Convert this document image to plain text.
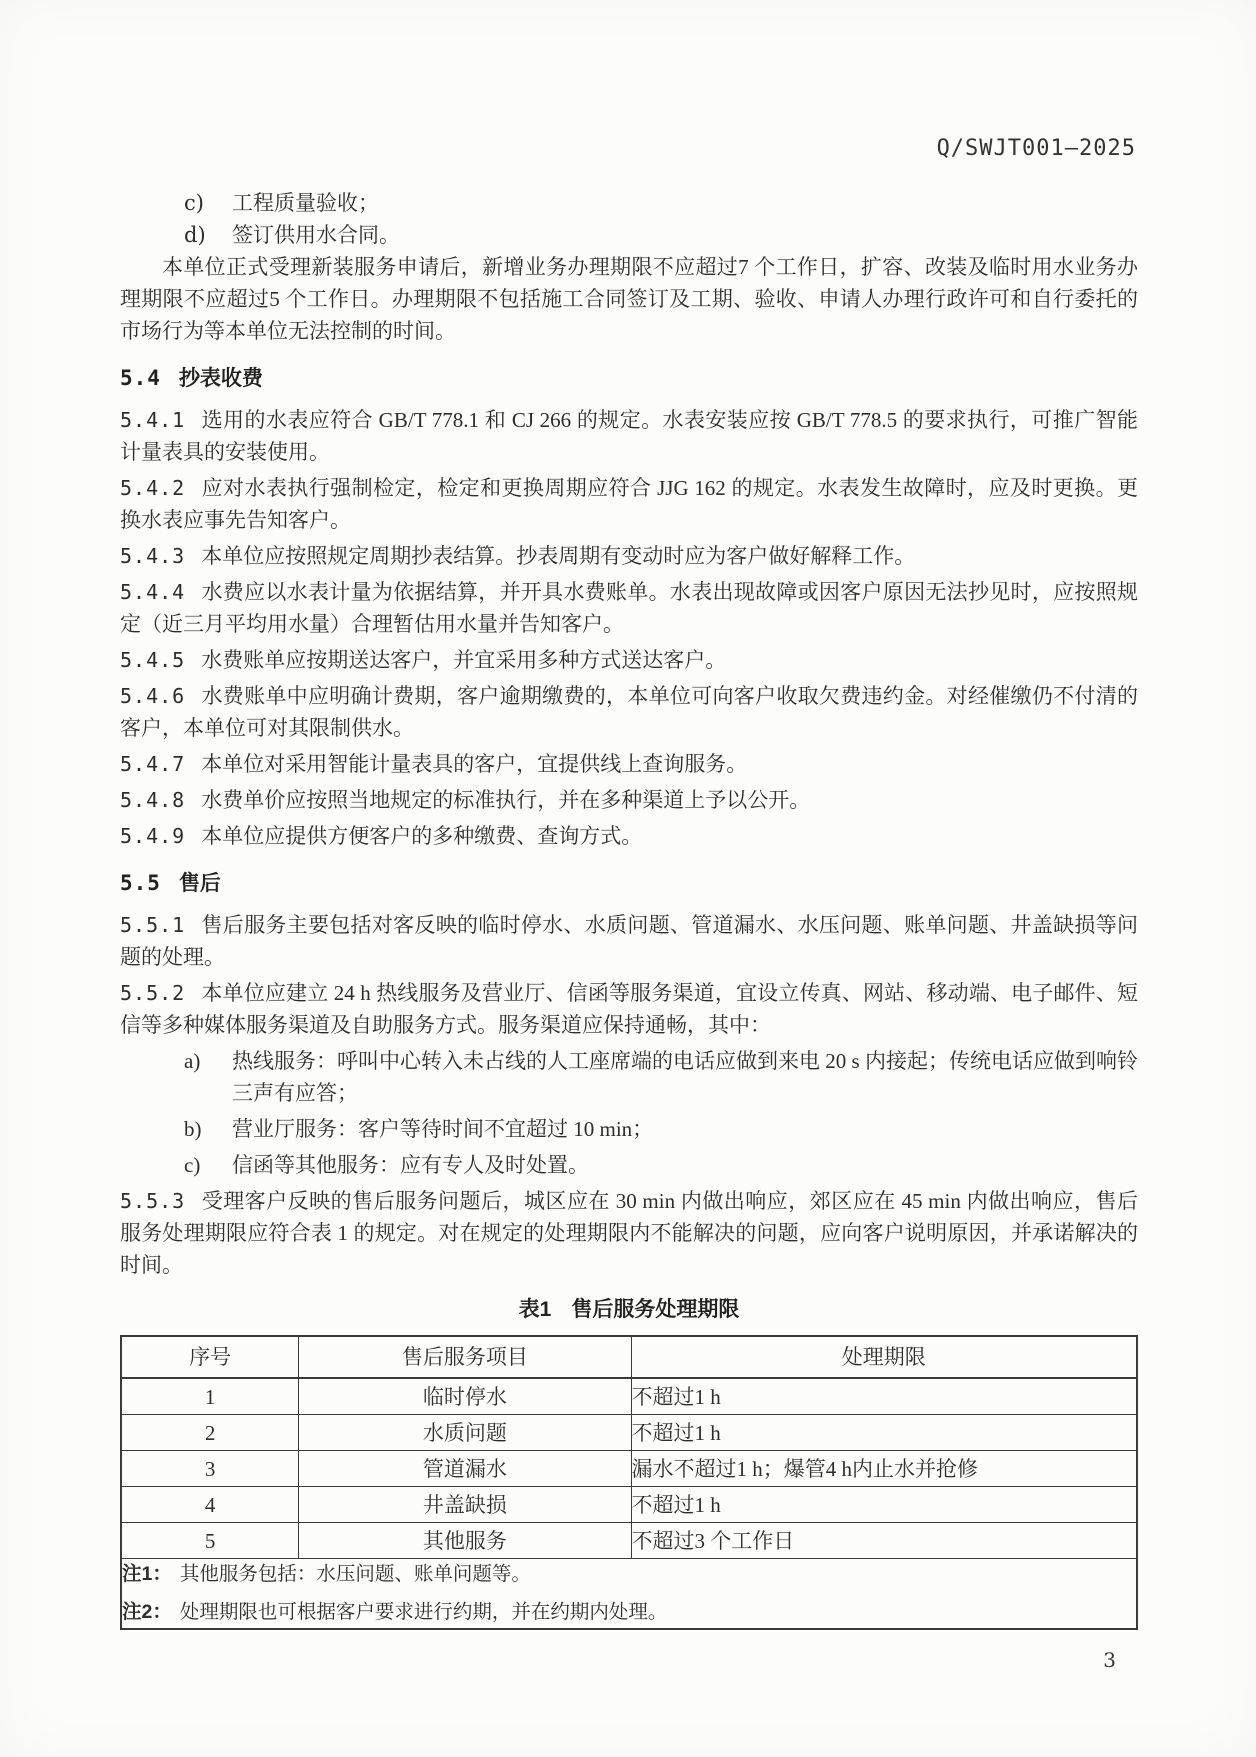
Q/SWJT001—2025
c)	工程质量验收；
d)	签订供用水合同。

本单位正式受理新装服务申请后，新增业务办理期限不应超过7 个工作日，扩容、改装及临时用水业务办理期限不应超过5 个工作日。办理期限不包括施工合同签订及工期、验收、申请人办理行政许可和自行委托的市场行为等本单位无法控制的时间。

5.4 抄表收费

5.4.1 选用的水表应符合 GB/T 778.1 和 CJ 266 的规定。水表安装应按 GB/T 778.5 的要求执行，可推广智能计量表具的安装使用。

5.4.2 应对水表执行强制检定，检定和更换周期应符合 JJG 162 的规定。水表发生故障时，应及时更换。更换水表应事先告知客户。

5.4.3 本单位应按照规定周期抄表结算。抄表周期有变动时应为客户做好解释工作。

5.4.4 水费应以水表计量为依据结算，并开具水费账单。水表出现故障或因客户原因无法抄见时，应按照规定（近三月平均用水量）合理暂估用水量并告知客户。

5.4.5 水费账单应按期送达客户，并宜采用多种方式送达客户。

5.4.6 水费账单中应明确计费期，客户逾期缴费的，本单位可向客户收取欠费违约金。对经催缴仍不付清的客户，本单位可对其限制供水。

5.4.7 本单位对采用智能计量表具的客户，宜提供线上查询服务。

5.4.8 水费单价应按照当地规定的标准执行，并在多种渠道上予以公开。

5.4.9 本单位应提供方便客户的多种缴费、查询方式。

5.5 售后

5.5.1 售后服务主要包括对客反映的临时停水、水质问题、管道漏水、水压问题、账单问题、井盖缺损等问题的处理。

5.5.2 本单位应建立 24 h 热线服务及营业厅、信函等服务渠道，宜设立传真、网站、移动端、电子邮件、短信等多种媒体服务渠道及自助服务方式。服务渠道应保持通畅，其中：

a)	热线服务：呼叫中心转入未占线的人工座席端的电话应做到来电 20 s 内接起；传统电话应做到响铃三声有应答；
b)	营业厅服务：客户等待时间不宜超过 10 min；
c)	信函等其他服务：应有专人及时处置。

5.5.3 受理客户反映的售后服务问题后，城区应在 30 min 内做出响应，郊区应在 45 min 内做出响应，售后服务处理期限应符合表 1 的规定。对在规定的处理期限内不能解决的问题，应向客户说明原因，并承诺解决的时间。

表1 售后服务处理期限
序号	售后服务项目	处理期限
1	临时停水	不超过1 h
2	水质问题	不超过1 h
3	管道漏水	漏水不超过1 h；爆管4 h内止水并抢修
4	井盖缺损	不超过1 h
5	其他服务	不超过3 个工作日

注1： 其他服务包括：水压问题、账单问题等。

注2： 处理期限也可根据客户要求进行约期，并在约期内处理。		

3
